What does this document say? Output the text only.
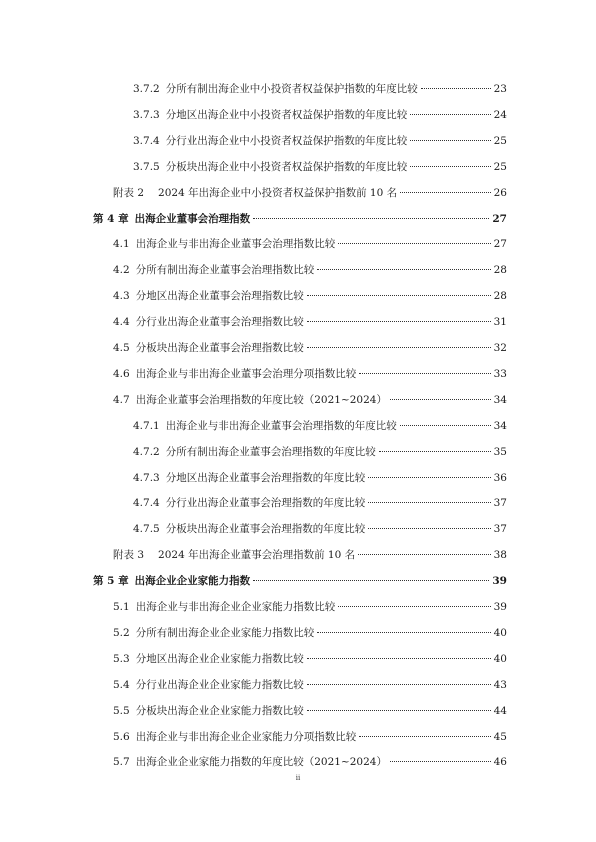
3.7.2 分所有制出海企业中小投资者权益保护指数的年度比较	23
3.7.3 分地区出海企业中小投资者权益保护指数的年度比较	24
3.7.4 分行业出海企业中小投资者权益保护指数的年度比较	25
3.7.5 分板块出海企业中小投资者权益保护指数的年度比较	25
附表 2 2024 年出海企业中小投资者权益保护指数前 10 名	26
第 4 章 出海企业董事会治理指数	27
4.1 出海企业与非出海企业董事会治理指数比较	27
4.2 分所有制出海企业董事会治理指数比较	28
4.3 分地区出海企业董事会治理指数比较	28
4.4 分行业出海企业董事会治理指数比较	31
4.5 分板块出海企业董事会治理指数比较	32
4.6 出海企业与非出海企业董事会治理分项指数比较	33
4.7 出海企业董事会治理指数的年度比较（2021~2024）	34
4.7.1 出海企业与非出海企业董事会治理指数的年度比较	34
4.7.2 分所有制出海企业董事会治理指数的年度比较	35
4.7.3 分地区出海企业董事会治理指数的年度比较	36
4.7.4 分行业出海企业董事会治理指数的年度比较	37
4.7.5 分板块出海企业董事会治理指数的年度比较	37
附表 3 2024 年出海企业董事会治理指数前 10 名	38
第 5 章 出海企业企业家能力指数	39
5.1 出海企业与非出海企业企业家能力指数比较	39
5.2 分所有制出海企业企业家能力指数比较	40
5.3 分地区出海企业企业家能力指数比较	40
5.4 分行业出海企业企业家能力指数比较	43
5.5 分板块出海企业企业家能力指数比较	44
5.6 出海企业与非出海企业企业家能力分项指数比较	45
5.7 出海企业企业家能力指数的年度比较（2021~2024）	46
ii
